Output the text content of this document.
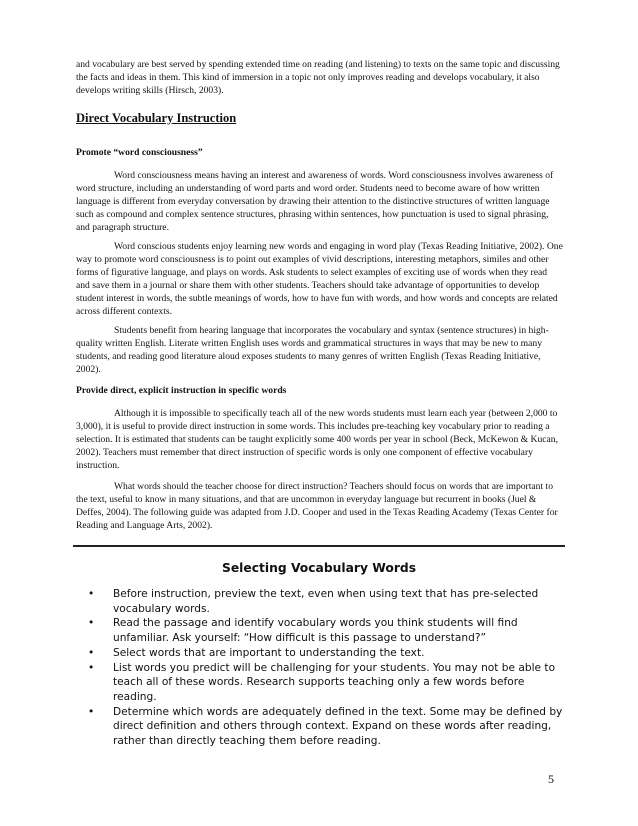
and vocabulary are best served by spending extended time on reading (and listening) to texts on the same topic and discussing the facts and ideas in them. This kind of immersion in a topic not only improves reading and develops vocabulary, it also develops writing skills (Hirsch, 2003).

Direct Vocabulary Instruction
Promote “word consciousness”

Word consciousness means having an interest and awareness of words. Word consciousness involves awareness of word structure, including an understanding of word parts and word order. Students need to become aware of how written language is different from everyday conversation by drawing their attention to the distinctive structures of written language such as compound and complex sentence structures, phrasing within sentences, how punctuation is used to signal phrasing, and paragraph structure.

Word conscious students enjoy learning new words and engaging in word play (Texas Reading Initiative, 2002). One way to promote word consciousness is to point out examples of vivid descriptions, interesting metaphors, similes and other forms of figurative language, and plays on words. Ask students to select examples of exciting use of words when they read and save them in a journal or share them with other students. Teachers should take advantage of opportunities to develop student interest in words, the subtle meanings of words, how to have fun with words, and how words and concepts are related across different contexts.

Students benefit from hearing language that incorporates the vocabulary and syntax (sentence structures) in high-quality written English. Literate written English uses words and grammatical structures in ways that may be new to many students, and reading good literature aloud exposes students to many genres of written English (Texas Reading Initiative, 2002).

Provide direct, explicit instruction in specific words

Although it is impossible to specifically teach all of the new words students must learn each year (between 2,000 to 3,000), it is useful to provide direct instruction in some words. This includes pre-teaching key vocabulary prior to reading a selection. It is estimated that students can be taught explicitly some 400 words per year in school (Beck, McKewon & Kucan, 2002). Teachers must remember that direct instruction of specific words is only one component of effective vocabulary instruction.

What words should the teacher choose for direct instruction? Teachers should focus on words that are important to the text, useful to know in many situations, and that are uncommon in everyday language but recurrent in books (Juel & Deffes, 2004). The following guide was adapted from J.D. Cooper and used in the Texas Reading Academy (Texas Center for Reading and Language Arts, 2002).

Selecting Vocabulary Words
• Before instruction, preview the text, even when using text that has pre-selected vocabulary words.
• Read the passage and identify vocabulary words you think students will find unfamiliar. Ask yourself: “How difficult is this passage to understand?”
• Select words that are important to understanding the text.
• List words you predict will be challenging for your students. You may not be able to teach all of these words. Research supports teaching only a few words before reading.
• Determine which words are adequately defined in the text. Some may be defined by direct definition and others through context. Expand on these words after reading, rather than directly teaching them before reading.
5
